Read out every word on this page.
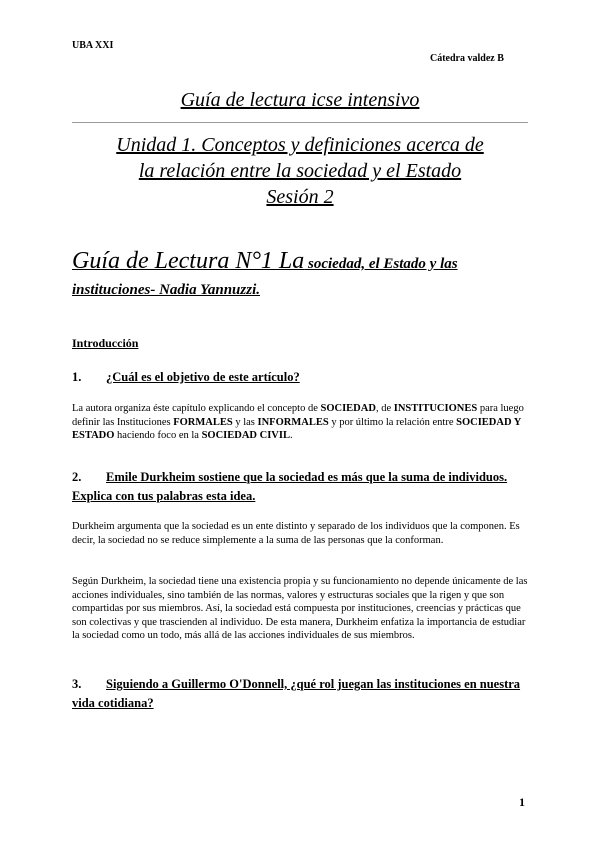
UBA XXI
Cátedra valdez B
Guía de lectura icse intensivo
Unidad 1. Conceptos y definiciones acerca de
la relación entre la sociedad y el Estado
Sesión 2
Guía de Lectura N°1 La sociedad, el Estado y las instituciones- Nadia Yannuzzi.
Introducción
1. ¿Cuál es el objetivo de este artículo?
La autora organiza éste capítulo explicando el concepto de SOCIEDAD, de INSTITUCIONES para luego definir las Instituciones FORMALES y las INFORMALES y por último la relación entre SOCIEDAD Y ESTADO haciendo foco en la SOCIEDAD CIVIL.
2. Emile Durkheim sostiene que la sociedad es más que la suma de individuos. Explica con tus palabras esta idea.
Durkheim argumenta que la sociedad es un ente distinto y separado de los individuos que la componen. Es decir, la sociedad no se reduce simplemente a la suma de las personas que la conforman.
Según Durkheim, la sociedad tiene una existencia propia y su funcionamiento no depende únicamente de las acciones individuales, sino también de las normas, valores y estructuras sociales que la rigen y que son compartidas por sus miembros. Así, la sociedad está compuesta por instituciones, creencias y prácticas que son colectivas y que trascienden al individuo. De esta manera, Durkheim enfatiza la importancia de estudiar la sociedad como un todo, más allá de las acciones individuales de sus miembros.
3. Siguiendo a Guillermo O'Donnell, ¿qué rol juegan las instituciones en nuestra vida cotidiana?
1
